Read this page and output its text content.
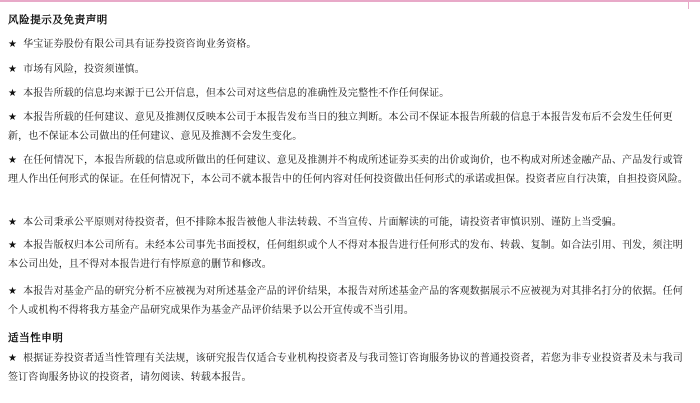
风险提示及免责声明
★ 华宝证券股份有限公司具有证券投资咨询业务资格。
★ 市场有风险，投资须谨慎。
★ 本报告所载的信息均来源于已公开信息，但本公司对这些信息的准确性及完整性不作任何保证。
★ 本报告所载的任何建议、意见及推测仅反映本公司于本报告发布当日的独立判断。本公司不保证本报告所载的信息于本报告发布后不会发生任何更新，也不保证本公司做出的任何建议、意见及推测不会发生变化。
★ 在任何情况下，本报告所载的信息或所做出的任何建议、意见及推测并不构成所述证券买卖的出价或询价，也不构成对所述金融产品、产品发行或管理人作出任何形式的保证。在任何情况下，本公司不就本报告中的任何内容对任何投资做出任何形式的承诺或担保。投资者应自行决策，自担投资风险。
★ 本公司秉承公平原则对待投资者，但不排除本报告被他人非法转载、不当宣传、片面解读的可能，请投资者审慎识别、谨防上当受骗。
★ 本报告版权归本公司所有。未经本公司事先书面授权，任何组织或个人不得对本报告进行任何形式的发布、转载、复制。如合法引用、刊发，须注明本公司出处，且不得对本报告进行有悖原意的删节和修改。
★ 本报告对基金产品的研究分析不应被视为对所述基金产品的评价结果，本报告对所述基金产品的客观数据展示不应被视为对其排名打分的依据。任何个人或机构不得将我方基金产品研究成果作为基金产品评价结果予以公开宣传或不当引用。
适当性申明
★ 根据证券投资者适当性管理有关法规，该研究报告仅适合专业机构投资者及与我司签订咨询服务协议的普通投资者，若您为非专业投资者及未与我司签订咨询服务协议的投资者，请勿阅读、转载本报告。
